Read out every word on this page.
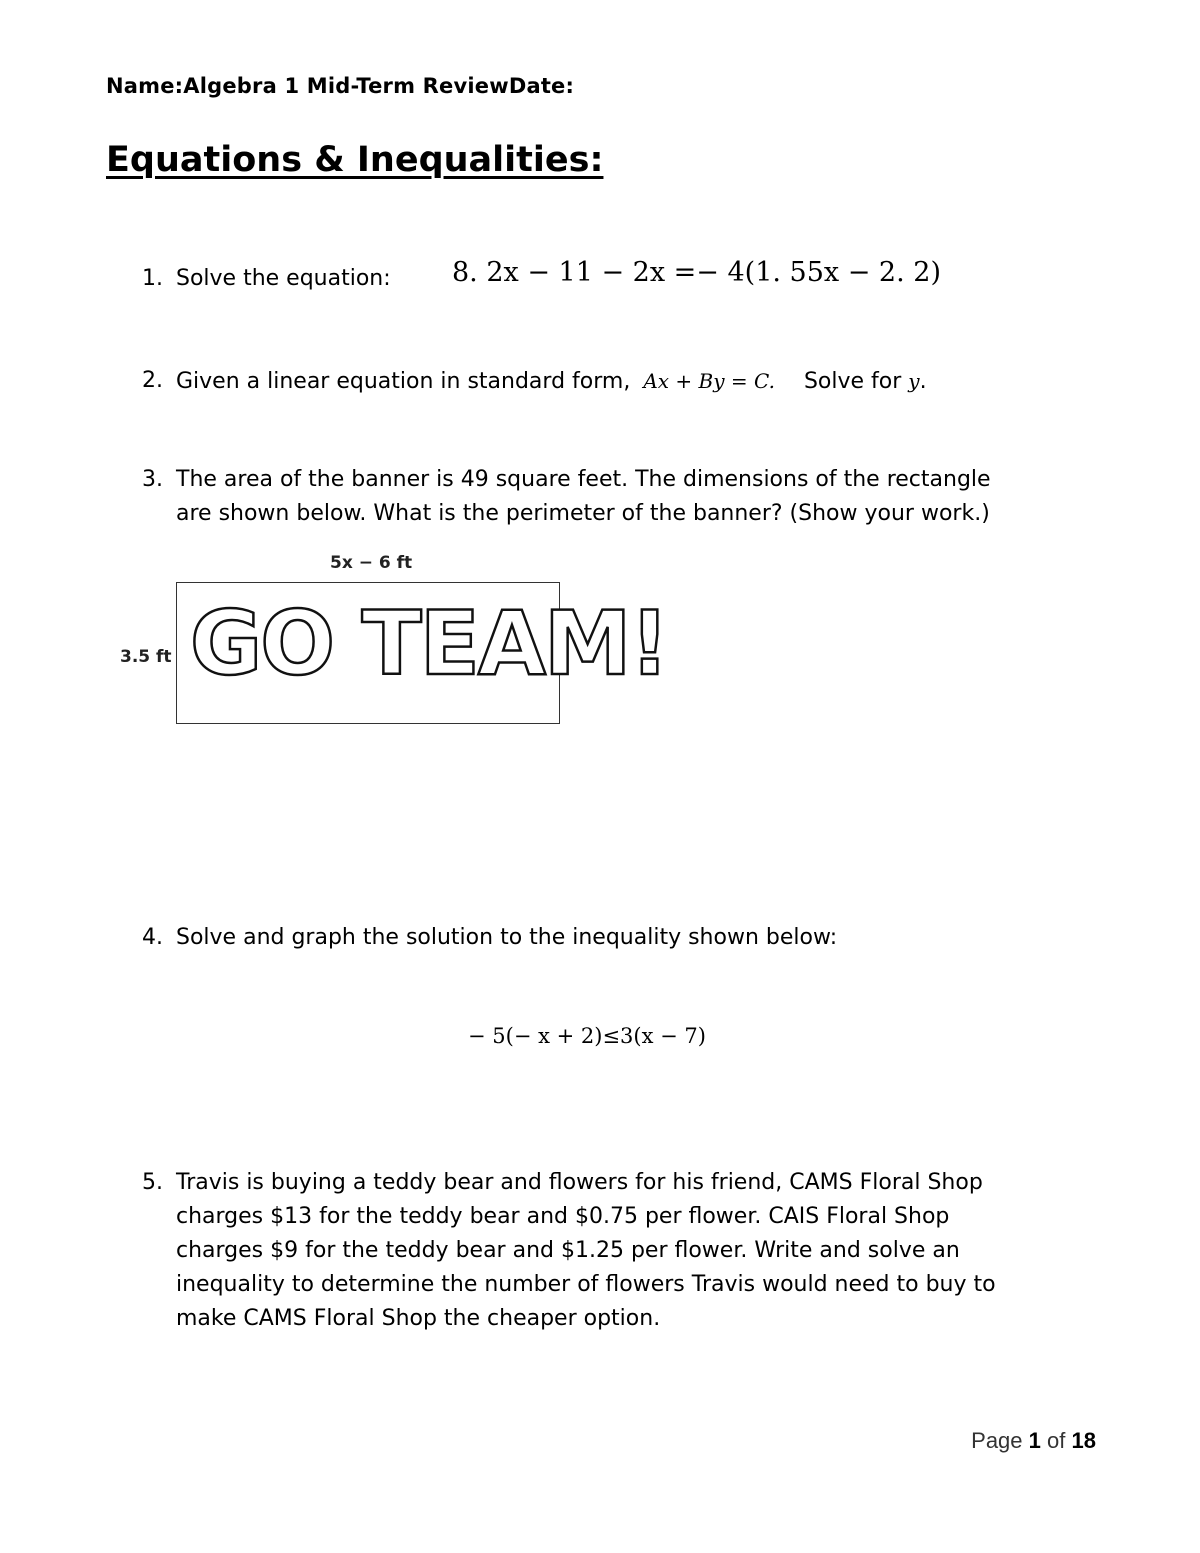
Name:Algebra 1 Mid-Term ReviewDate:
Equations & Inequalities:
1. Solve the equation: 8. 2x − 11 − 2x =− 4(1. 55x − 2. 2)
2. Given a linear equation in standard form, Ax + By = C. Solve for y.
3. The area of the banner is 49 square feet. The dimensions of the rectangle
are shown below. What is the perimeter of the banner? (Show your work.)
5x − 6 ft
3.5 ft GO TEAM!
4. Solve and graph the solution to the inequality shown below:
− 5(− x + 2)≤3(x − 7)
5. Travis is buying a teddy bear and flowers for his friend, CAMS Floral Shop
charges $13 for the teddy bear and $0.75 per flower. CAIS Floral Shop
charges $9 for the teddy bear and $1.25 per flower. Write and solve an
inequality to determine the number of flowers Travis would need to buy to
make CAMS Floral Shop the cheaper option.
Page 1 of 18
